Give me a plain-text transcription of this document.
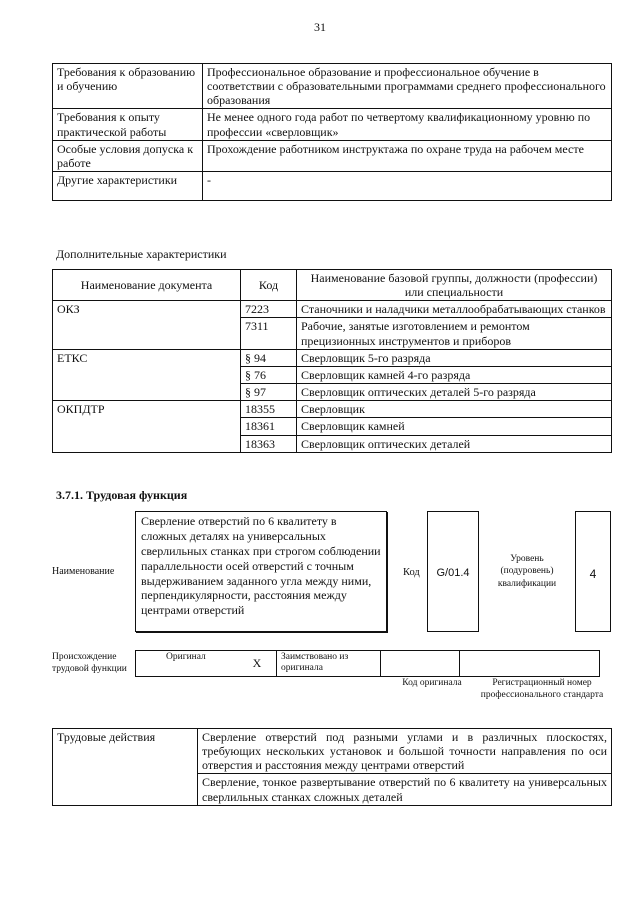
31
Требования к образованию и обучению	Профессиональное образование и профессиональное обучение в соответствии с образовательными программами среднего профессионального образования
Требования к опыту практической работы	Не менее одного года работ по четвертому квалификационному уровню по профессии «сверловщик»
Особые условия допуска к работе	Прохождение работником инструктажа по охране труда на рабочем месте
Другие характеристики	-
Дополнительные характеристики
Наименование документа	Код	Наименование базовой группы, должности (профессии) или специальности
ОКЗ	7223	Станочники и наладчики металлообрабатывающих станков
	7311	Рабочие, занятые изготовлением и ремонтом прецизионных инструментов и приборов
ЕТКС	§ 94	Сверловщик 5-го разряда
	§ 76	Сверловщик камней 4-го разряда
	§ 97	Сверловщик оптических деталей 5-го разряда
ОКПДТР	18355	Сверловщик
	18361	Сверловщик камней
	18363	Сверловщик оптических деталей
3.7.1. Трудовая функция
Наименование
Сверление отверстий по 6 квалитету в сложных деталях на универсальных сверлильных станках при строгом соблюдении параллельности осей отверстий с точным выдерживанием заданного угла между ними, перпендикулярности, расстояния между центрами отверстий
Код	G/01.4
Уровень (подуровень) квалификации
4
Происхождение трудовой функции
Оригинал	X	Заимствовано из оригинала		
Код оригинала	Регистрационный номер профессионального стандарта
Трудовые действия	Сверление отверстий под разными углами и в различных плоскостях, требующих нескольких установок и большой точности направления по оси отверстия и расстояния между центрами отверстий
Сверление, тонкое развертывание отверстий по 6 квалитету на универсальных сверлильных станках сложных деталей
